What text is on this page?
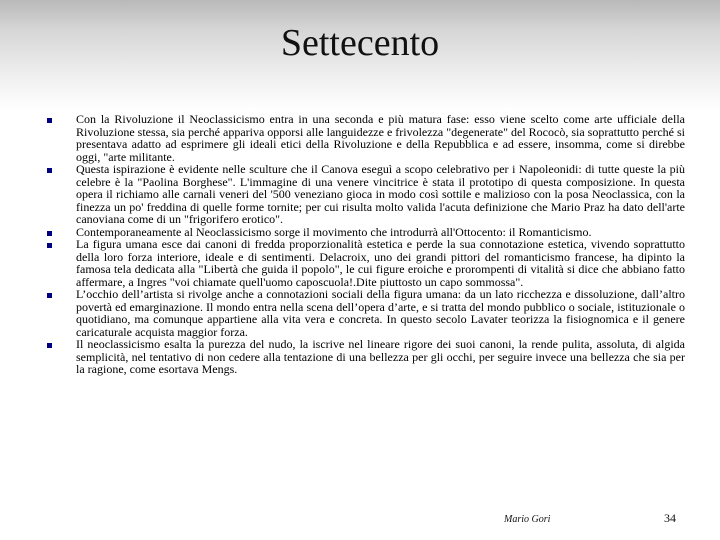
Settecento
Con la Rivoluzione il Neoclassicismo entra in una seconda e più matura fase: esso viene scelto come arte ufficiale della Rivoluzione stessa, sia perché appariva opporsi alle languidezze e frivolezza "degenerate" del Rococò, sia soprattutto perché si presentava adatto ad esprimere gli ideali etici della Rivoluzione e della Repubblica e ad essere, insomma, come si direbbe oggi, "arte militante.
Questa ispirazione è evidente nelle sculture che il Canova eseguì a scopo celebrativo per i Napoleonidi: di tutte queste la più celebre è la "Paolina Borghese". L'immagine di una venere vincitrice è stata il prototipo di questa composizione. In questa opera il richiamo alle carnali veneri del '500 veneziano gioca in modo così sottile e malizioso con la posa Neoclassica, con la finezza un po' freddina di quelle forme tornite; per cui risulta molto valida l'acuta definizione che Mario Praz ha dato dell'arte canoviana come di un "frigorifero erotico".
Contemporaneamente al Neoclassicismo sorge il movimento che introdurrà all'Ottocento: il Romanticismo.
La figura umana esce dai canoni di fredda proporzionalità estetica e perde la sua connotazione estetica, vivendo soprattutto della loro forza interiore, ideale e di sentimenti. Delacroix, uno dei grandi pittori del romanticismo francese, ha dipinto la famosa tela dedicata alla "Libertà che guida il popolo", le cui figure eroiche e prorompenti di vitalità si dice che abbiano fatto affermare, a Ingres "voi chiamate quell'uomo caposcuola!.Dite piuttosto un capo sommossa".
L’occhio dell’artista si rivolge anche a connotazioni sociali della figura umana: da un lato ricchezza e dissoluzione, dall’altro povertà ed emarginazione. Il mondo entra nella scena dell’opera d’arte, e si tratta del mondo pubblico o sociale, istituzionale o quotidiano, ma comunque appartiene alla vita vera e concreta. In questo secolo Lavater teorizza la fisiognomica e il genere caricaturale acquista maggior forza.
Il neoclassicismo esalta la purezza del nudo, la iscrive nel lineare rigore dei suoi canoni, la rende pulita, assoluta, di algida semplicità, nel tentativo di non cedere alla tentazione di una bellezza per gli occhi, per seguire invece una bellezza che sia per la ragione, come esortava Mengs.
Mario Gori	34
